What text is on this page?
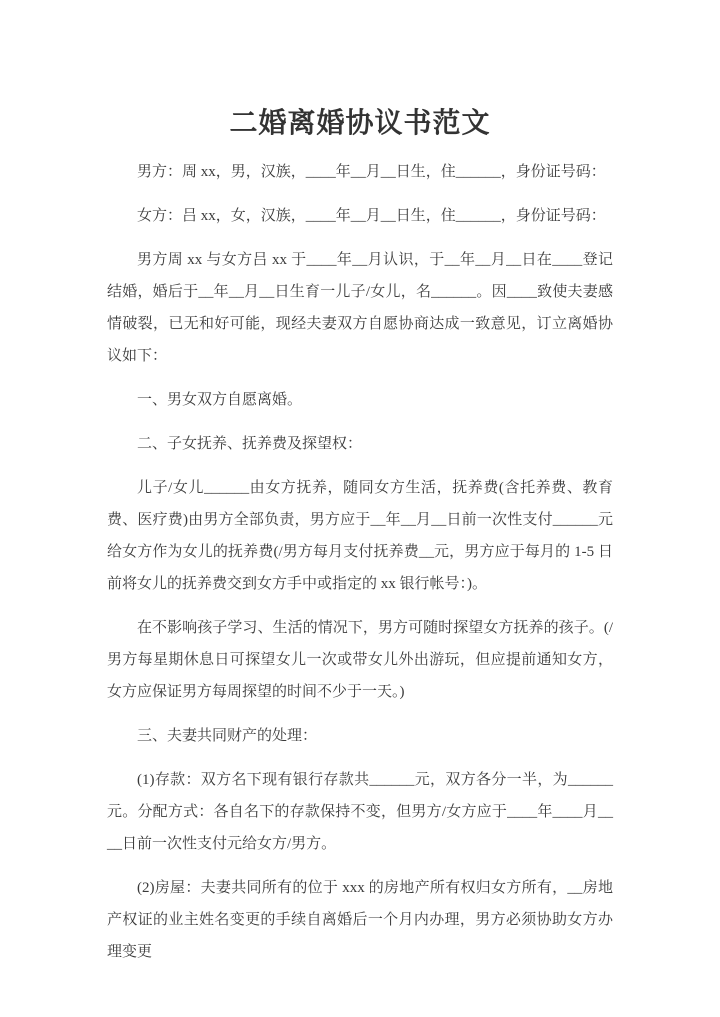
二婚离婚协议书范文

男方：周 xx，男，汉族，____年__月__日生，住______，身份证号码：

女方：吕 xx，女，汉族，____年__月__日生，住______，身份证号码：

男方周 xx 与女方吕 xx 于____年__月认识，于__年__月__日在____登记结婚，婚后于__年__月__日生育一儿子/女儿，名______。因____致使夫妻感情破裂，已无和好可能，现经夫妻双方自愿协商达成一致意见，订立离婚协议如下：

一、男女双方自愿离婚。

二、子女抚养、抚养费及探望权：

儿子/女儿______由女方抚养，随同女方生活，抚养费(含托养费、教育费、医疗费)由男方全部负责，男方应于__年__月__日前一次性支付______元给女方作为女儿的抚养费(/男方每月支付抚养费__元，男方应于每月的 1-5 日前将女儿的抚养费交到女方手中或指定的 xx 银行帐号：)。

在不影响孩子学习、生活的情况下，男方可随时探望女方抚养的孩子。(/男方每星期休息日可探望女儿一次或带女儿外出游玩，但应提前通知女方，女方应保证男方每周探望的时间不少于一天。)

三、夫妻共同财产的处理：

(1)存款：双方名下现有银行存款共______元，双方各分一半，为______元。分配方式：各自名下的存款保持不变，但男方/女方应于____年____月____日前一次性支付元给女方/男方。

(2)房屋：夫妻共同所有的位于 xxx 的房地产所有权归女方所有，__房地产权证的业主姓名变更的手续自离婚后一个月内办理，男方必须协助女方办理变更
